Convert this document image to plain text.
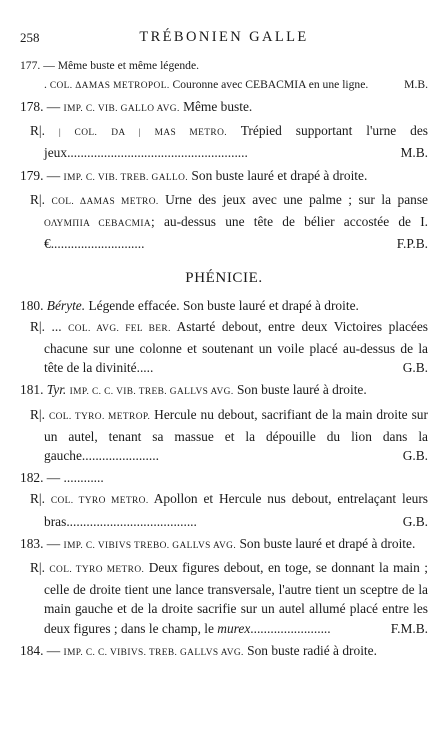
258	TRÉBONIEN GALLE
177. — Même buste et même légende.
. COL. ΔAMAS METROPOL. Couronne avec CEBACMIA en une ligne.	M.B.
178. — IMP. C. VIB. GALLO AVG. Même buste.
R|. | COL. DA | MAS METRO. Trépied supportant l'urne des jeux......................................................	M.B.
179. — IMP. C. VIB. TREB. GALLO. Son buste lauré et drapé à droite.
R|. COL. ΔAMAS METRO. Urne des jeux avec une palme ; sur la panse ΟΛΥΜΠΙΑ CEBACMIA; au-dessus une tête de bélier accostée de I. €............................	F.P.B.
PHÉNICIE.
180. Béryte. Légende effacée. Son buste lauré et drapé à droite.
R|. ... COL. AVG. FEL BER. Astarté debout, entre deux Victoires placées chacune sur une colonne et soutenant un voile placé au-dessus de la tête de la divinité.....	G.B.
181. Tyr. IMP. C. C. VIB. TREB. GALLVS AVG. Son buste lauré à droite.
R|. COL. TYRO. METROP. Hercule nu debout, sacrifiant de la main droite sur un autel, tenant sa massue et la dépouille du lion dans la gauche.......................	G.B.
182. — ............
R|. COL. TYRO METRO. Apollon et Hercule nus debout, entrelaçant leurs bras.......................................	G.B.
183. — IMP. C. VIBIVS TREBO. GALLVS AVG. Son buste lauré et drapé à droite.
R|. COL. TYRO METRO. Deux figures debout, en toge, se donnant la main ; celle de droite tient une lance transversale, l'autre tient un sceptre de la main gauche et de la droite sacrifie sur un autel allumé placé entre les deux figures ; dans le champ, le murex........................	F.M.B.
184. — IMP. C. C. VIBIVS. TREB. GALLVS AVG. Son buste radié à droite.
